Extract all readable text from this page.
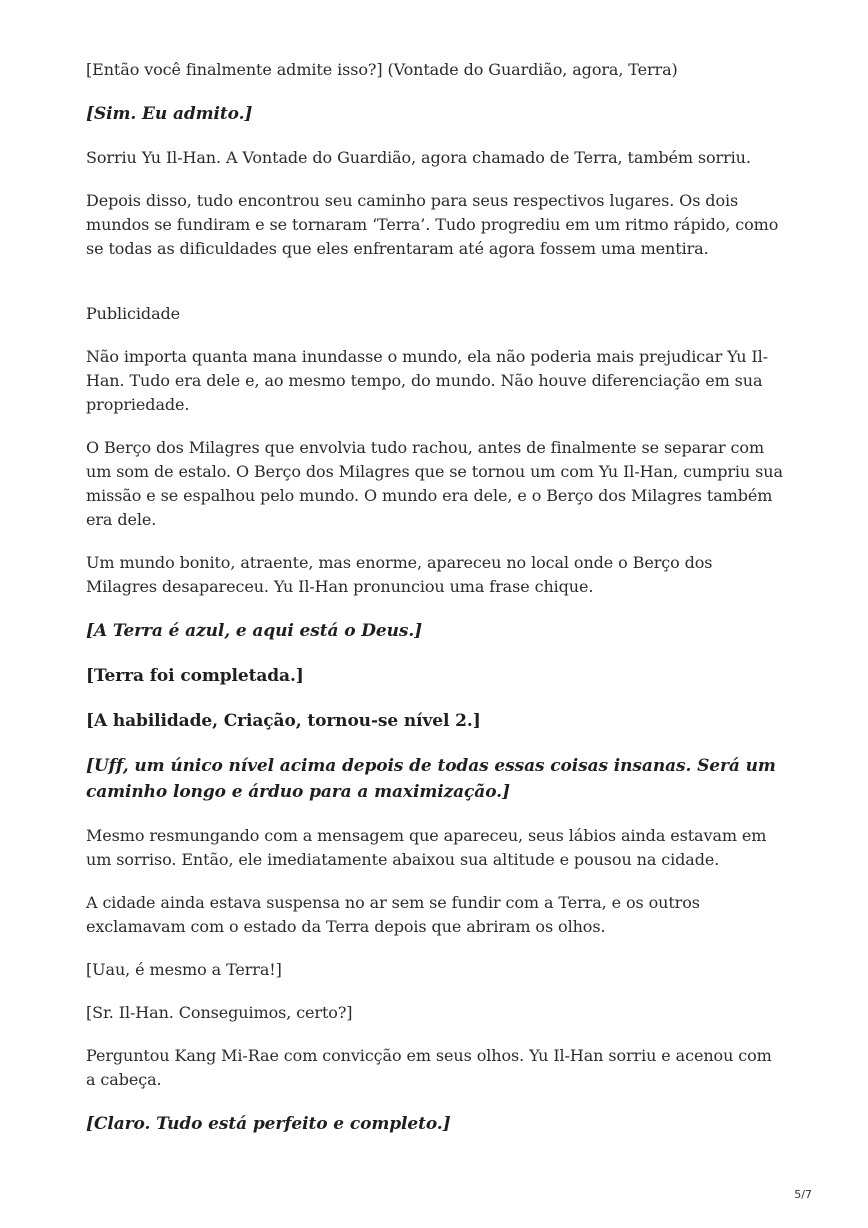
[Então você finalmente admite isso?] (Vontade do Guardião, agora, Terra)

[Sim. Eu admito.]

Sorriu Yu Il-Han. A Vontade do Guardião, agora chamado de Terra, também sorriu.

Depois disso, tudo encontrou seu caminho para seus respectivos lugares. Os dois mundos se fundiram e se tornaram ‘Terra’. Tudo progrediu em um ritmo rápido, como se todas as dificuldades que eles enfrentaram até agora fossem uma mentira.

Publicidade

Não importa quanta mana inundasse o mundo, ela não poderia mais prejudicar Yu Il-Han. Tudo era dele e, ao mesmo tempo, do mundo. Não houve diferenciação em sua propriedade.

O Berço dos Milagres que envolvia tudo rachou, antes de finalmente se separar com um som de estalo. O Berço dos Milagres que se tornou um com Yu Il-Han, cumpriu sua missão e se espalhou pelo mundo. O mundo era dele, e o Berço dos Milagres também era dele.

Um mundo bonito, atraente, mas enorme, apareceu no local onde o Berço dos Milagres desapareceu. Yu Il-Han pronunciou uma frase chique.

[A Terra é azul, e aqui está o Deus.]

[Terra foi completada.]

[A habilidade, Criação, tornou-se nível 2.]

[Uff, um único nível acima depois de todas essas coisas insanas. Será um caminho longo e árduo para a maximização.]

Mesmo resmungando com a mensagem que apareceu, seus lábios ainda estavam em um sorriso. Então, ele imediatamente abaixou sua altitude e pousou na cidade.

A cidade ainda estava suspensa no ar sem se fundir com a Terra, e os outros exclamavam com o estado da Terra depois que abriram os olhos.

[Uau, é mesmo a Terra!]

[Sr. Il-Han. Conseguimos, certo?]

Perguntou Kang Mi-Rae com convicção em seus olhos. Yu Il-Han sorriu e acenou com a cabeça.

[Claro. Tudo está perfeito e completo.]

5/7
